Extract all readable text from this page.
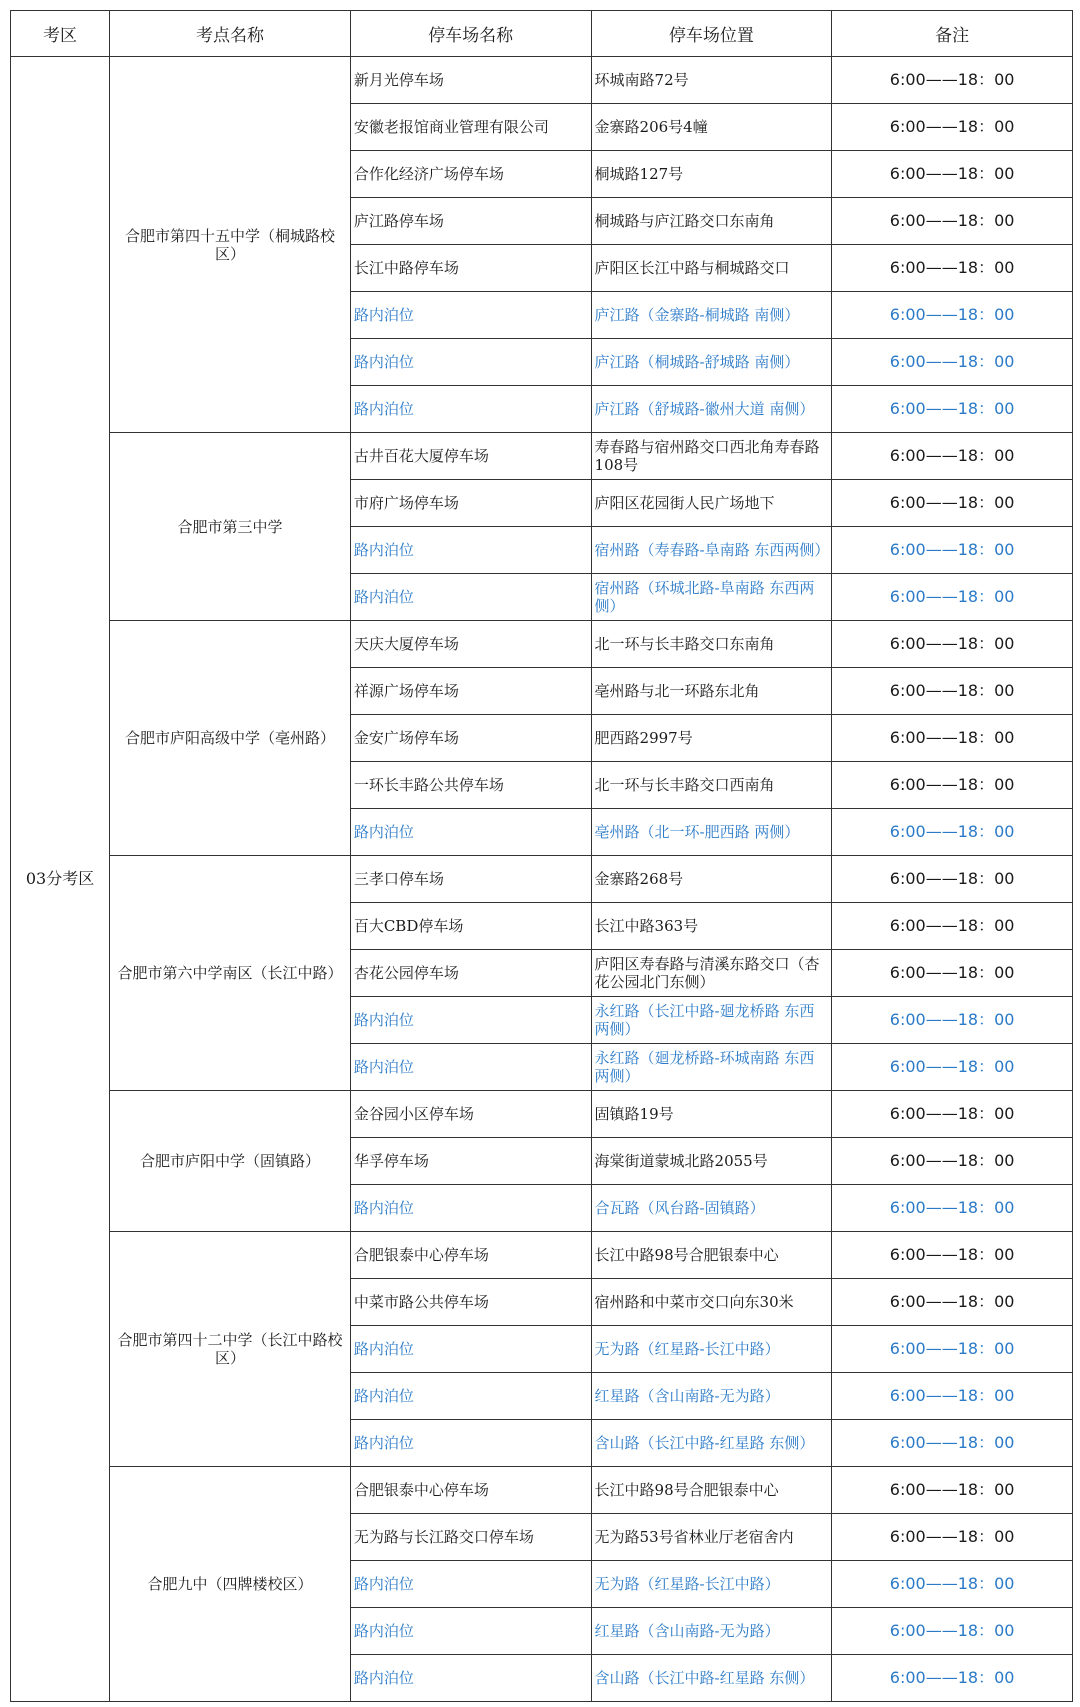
考区	考点名称	停车场名称	停车场位置	备注
03分考区	合肥市第四十五中学（桐城路校区）	新月光停车场	环城南路72号	6:00——18：00
		安徽老报馆商业管理有限公司	金寨路206号4幢	6:00——18：00
		合作化经济广场停车场	桐城路127号	6:00——18：00
		庐江路停车场	桐城路与庐江路交口东南角	6:00——18：00
		长江中路停车场	庐阳区长江中路与桐城路交口	6:00——18：00
		路内泊位	庐江路（金寨路-桐城路 南侧）	6:00——18：00
		路内泊位	庐江路（桐城路-舒城路 南侧）	6:00——18：00
		路内泊位	庐江路（舒城路-徽州大道 南侧）	6:00——18：00
	合肥市第三中学	古井百花大厦停车场	寿春路与宿州路交口西北角寿春路108号	6:00——18：00
		市府广场停车场	庐阳区花园街人民广场地下	6:00——18：00
		路内泊位	宿州路（寿春路-阜南路 东西两侧）	6:00——18：00
		路内泊位	宿州路（环城北路-阜南路 东西两侧）	6:00——18：00
	合肥市庐阳高级中学（亳州路）	天庆大厦停车场	北一环与长丰路交口东南角	6:00——18：00
		祥源广场停车场	亳州路与北一环路东北角	6:00——18：00
		金安广场停车场	肥西路2997号	6:00——18：00
		一环长丰路公共停车场	北一环与长丰路交口西南角	6:00——18：00
		路内泊位	亳州路（北一环-肥西路 两侧）	6:00——18：00
	合肥市第六中学南区（长江中路）	三孝口停车场	金寨路268号	6:00——18：00
		百大CBD停车场	长江中路363号	6:00——18：00
		杏花公园停车场	庐阳区寿春路与清溪东路交口（杏花公园北门东侧）	6:00——18：00
		路内泊位	永红路（长江中路-廻龙桥路 东西两侧）	6:00——18：00
		路内泊位	永红路（廻龙桥路-环城南路 东西两侧）	6:00——18：00
	合肥市庐阳中学（固镇路）	金谷园小区停车场	固镇路19号	6:00——18：00
		华孚停车场	海棠街道蒙城北路2055号	6:00——18：00
		路内泊位	合瓦路（风台路-固镇路）	6:00——18：00
	合肥市第四十二中学（长江中路校区）	合肥银泰中心停车场	长江中路98号合肥银泰中心	6:00——18：00
		中菜市路公共停车场	宿州路和中菜市交口向东30米	6:00——18：00
		路内泊位	无为路（红星路-长江中路）	6:00——18：00
		路内泊位	红星路（含山南路-无为路）	6:00——18：00
		路内泊位	含山路（长江中路-红星路 东侧）	6:00——18：00
	合肥九中（四牌楼校区）	合肥银泰中心停车场	长江中路98号合肥银泰中心	6:00——18：00
		无为路与长江路交口停车场	无为路53号省林业厅老宿舍内	6:00——18：00
		路内泊位	无为路（红星路-长江中路）	6:00——18：00
		路内泊位	红星路（含山南路-无为路）	6:00——18：00
		路内泊位	含山路（长江中路-红星路 东侧）	6:00——18：00
